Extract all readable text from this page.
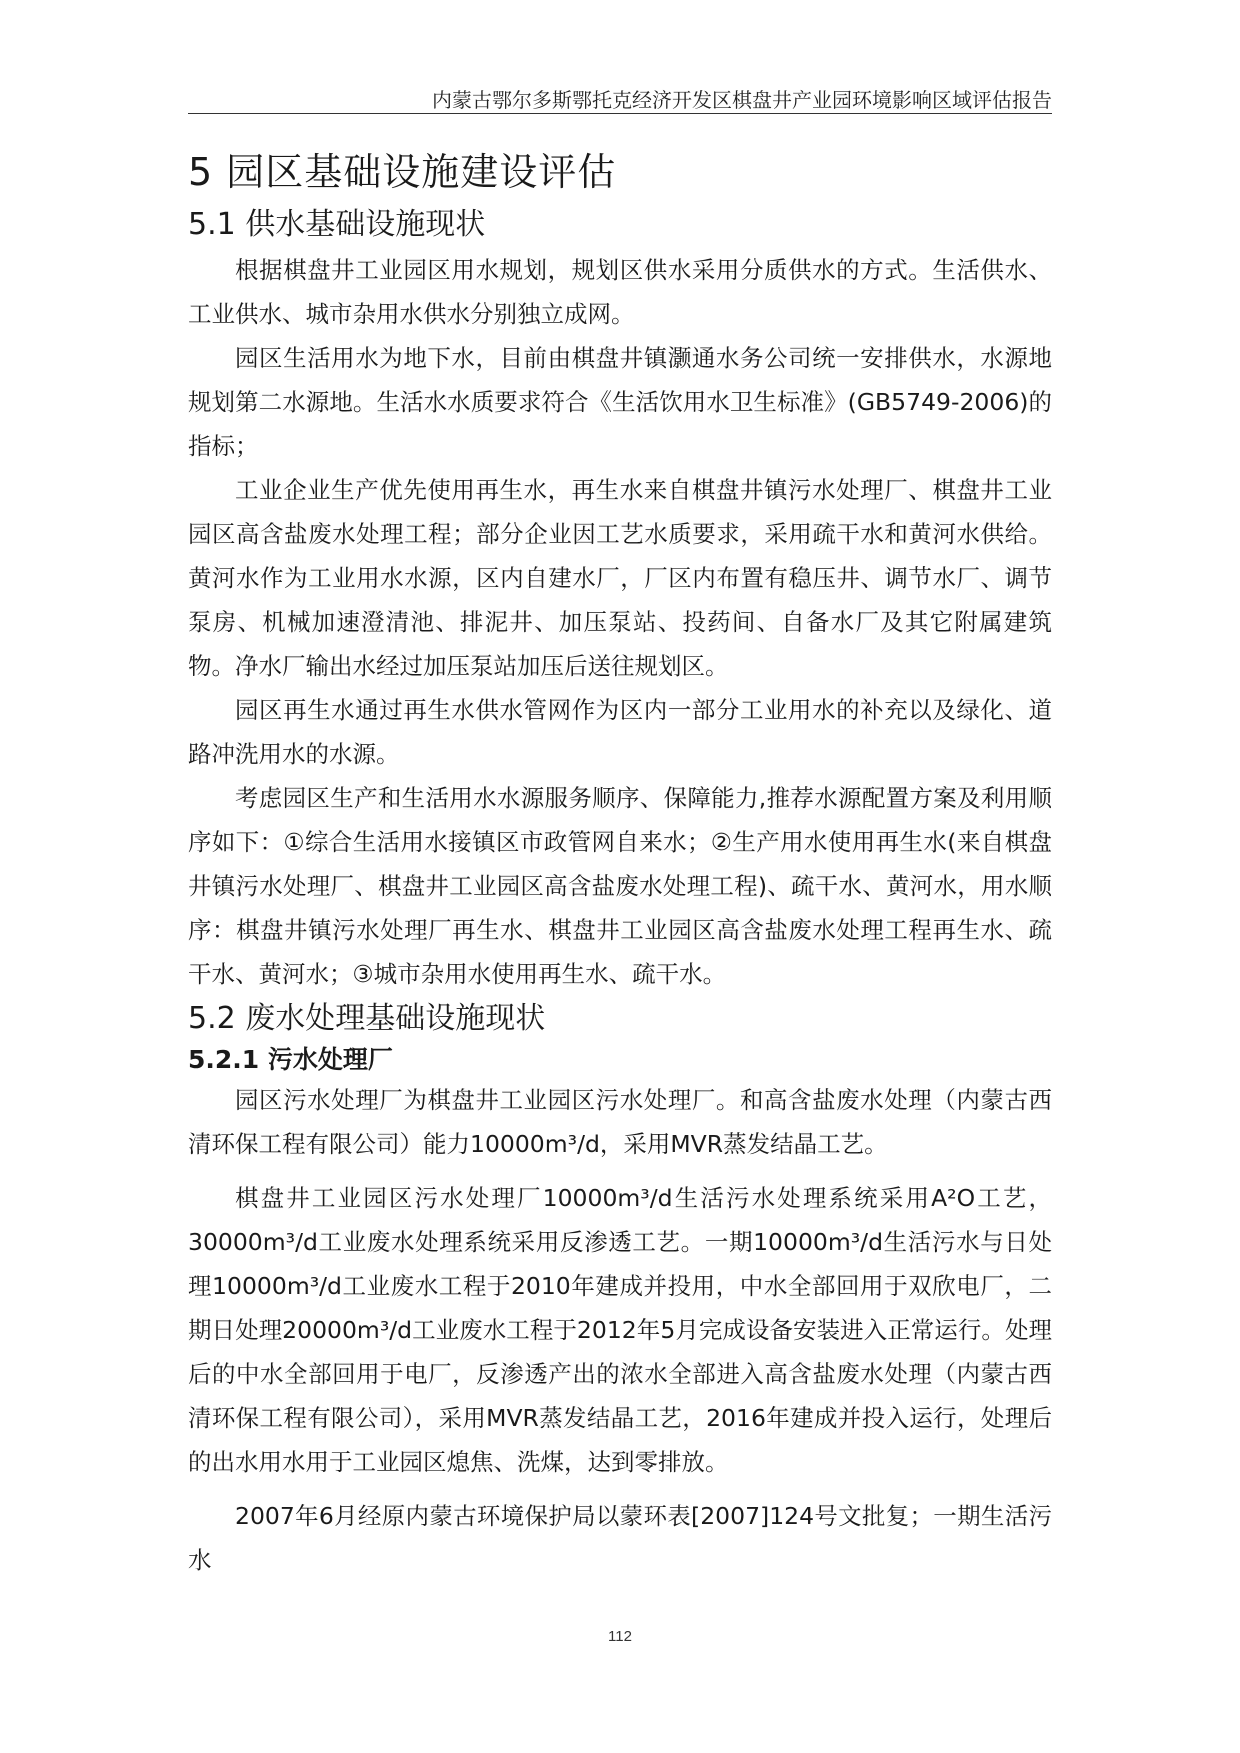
内蒙古鄂尔多斯鄂托克经济开发区棋盘井产业园环境影响区域评估报告
5 园区基础设施建设评估
5.1 供水基础设施现状

根据棋盘井工业园区用水规划，规划区供水采用分质供水的方式。生活供水、工业供水、城市杂用水供水分别独立成网。

园区生活用水为地下水，目前由棋盘井镇灏通水务公司统一安排供水，水源地规划第二水源地。生活水水质要求符合《生活饮用水卫生标准》(GB5749-2006)的指标；

工业企业生产优先使用再生水，再生水来自棋盘井镇污水处理厂、棋盘井工业园区高含盐废水处理工程；部分企业因工艺水质要求，采用疏干水和黄河水供给。黄河水作为工业用水水源，区内自建水厂，厂区内布置有稳压井、调节水厂、调节泵房、机械加速澄清池、排泥井、加压泵站、投药间、自备水厂及其它附属建筑物。净水厂输出水经过加压泵站加压后送往规划区。

园区再生水通过再生水供水管网作为区内一部分工业用水的补充以及绿化、道路冲洗用水的水源。

考虑园区生产和生活用水水源服务顺序、保障能力,推荐水源配置方案及利用顺序如下：①综合生活用水接镇区市政管网自来水；②生产用水使用再生水(来自棋盘井镇污水处理厂、棋盘井工业园区高含盐废水处理工程)、疏干水、黄河水，用水顺序：棋盘井镇污水处理厂再生水、棋盘井工业园区高含盐废水处理工程再生水、疏干水、黄河水；③城市杂用水使用再生水、疏干水。

5.2 废水处理基础设施现状
5.2.1 污水处理厂

园区污水处理厂为棋盘井工业园区污水处理厂。和高含盐废水处理（内蒙古西清环保工程有限公司）能力10000m³/d，采用MVR蒸发结晶工艺。

棋盘井工业园区污水处理厂10000m³/d生活污水处理系统采用A²O工艺，30000m³/d工业废水处理系统采用反渗透工艺。一期10000m³/d生活污水与日处理10000m³/d工业废水工程于2010年建成并投用，中水全部回用于双欣电厂，二期日处理20000m³/d工业废水工程于2012年5月完成设备安装进入正常运行。处理后的中水全部回用于电厂，反渗透产出的浓水全部进入高含盐废水处理（内蒙古西清环保工程有限公司），采用MVR蒸发结晶工艺，2016年建成并投入运行，处理后的出水用水用于工业园区熄焦、洗煤，达到零排放。

2007年6月经原内蒙古环境保护局以蒙环表[2007]124号文批复；一期生活污水

112
